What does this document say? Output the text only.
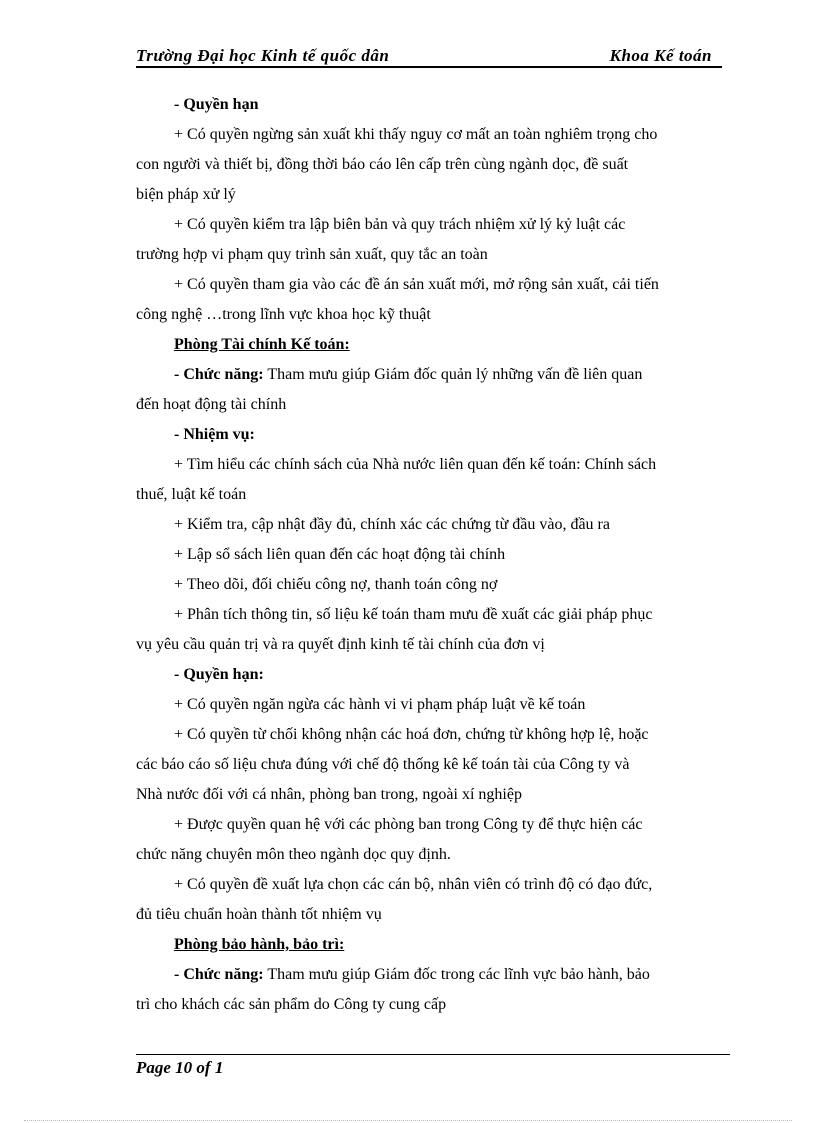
Trường Đại học Kinh tế quốc dân	Khoa Kế toán
- Quyền hạn
+ Có quyền ngừng sản xuất khi thấy nguy cơ mất an toàn nghiêm trọng cho
con người và thiết bị, đồng thời báo cáo lên cấp trên cùng ngành dọc, đề suất
biện pháp xử lý
+ Có quyền kiểm tra lập biên bản và quy trách nhiệm xử lý kỷ luật các
trường hợp vi phạm quy trình sản xuất, quy tắc an toàn
+ Có quyền tham gia vào các đề án sản xuất mới, mở rộng sản xuất, cải tiến
công nghệ …trong lĩnh vực khoa học kỹ thuật
Phòng Tài chính Kế toán:
- Chức năng: Tham mưu giúp Giám đốc quản lý những vấn đề liên quan
đến hoạt động tài chính
- Nhiệm vụ:
+ Tìm hiểu các chính sách của Nhà nước liên quan đến kế toán: Chính sách
thuế, luật kế toán
+ Kiểm tra, cập nhật đầy đủ, chính xác các chứng từ đầu vào, đầu ra
+ Lập sổ sách liên quan đến các hoạt động tài chính
+ Theo dõi, đối chiếu công nợ, thanh toán công nợ
+ Phân tích thông tin, số liệu kế toán tham mưu đề xuất các giải pháp phục
vụ yêu cầu quản trị và ra quyết định kinh tế tài chính của đơn vị
- Quyền hạn:
+ Có quyền ngăn ngừa các hành vi vi phạm pháp luật về kế toán
+ Có quyền từ chối không nhận các hoá đơn, chứng từ không hợp lệ, hoặc
các báo cáo số liệu chưa đúng với chế độ thống kê kế toán tài của Công ty và
Nhà nước đối với cá nhân, phòng ban trong, ngoài xí nghiệp
+ Được quyền quan hệ với các phòng ban trong Công ty để thực hiện các
chức năng chuyên môn theo ngành dọc quy định.
+ Có quyền đề xuất lựa chọn các cán bộ, nhân viên có trình độ có đạo đức,
đủ tiêu chuẩn hoàn thành tốt nhiệm vụ
Phòng bảo hành, bảo trì:
- Chức năng: Tham mưu giúp Giám đốc trong các lĩnh vực bảo hành, bảo
trì cho khách các sản phẩm do Công ty cung cấp
Page 10 of 1
